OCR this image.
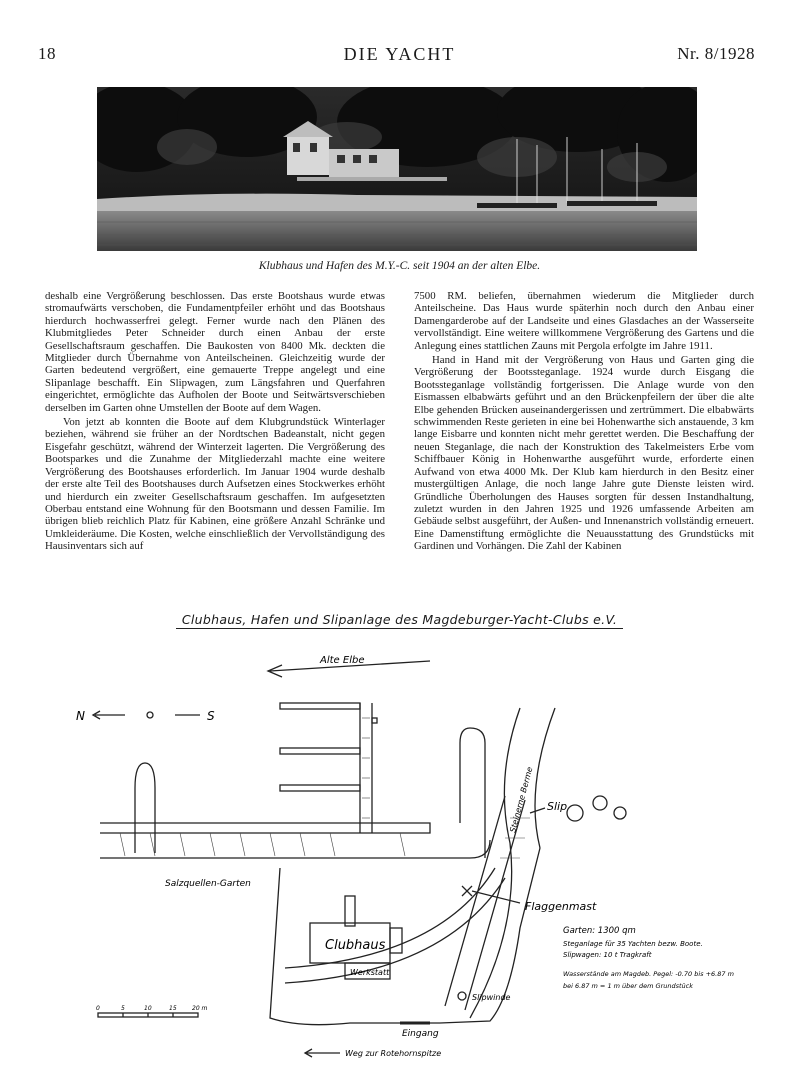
18	DIE YACHT	Nr. 8/1928
Klubhaus und Hafen des M.Y.-C. seit 1904 an der alten Elbe.

deshalb eine Vergrößerung beschlossen. Das erste Bootshaus wurde etwas stromaufwärts verschoben, die Fundamentpfeiler erhöht und das Bootshaus hierdurch hochwasserfrei gelegt. Ferner wurde nach den Plänen des Klubmitgliedes Peter Schneider durch einen Anbau der erste Gesellschaftsraum geschaffen. Die Baukosten von 8400 Mk. deckten die Mitglieder durch Übernahme von Anteilscheinen. Gleichzeitig wurde der Garten bedeutend vergrößert, eine gemauerte Treppe angelegt und eine Slipanlage beschafft. Ein Slipwagen, zum Längsfahren und Querfahren eingerichtet, ermöglichte das Aufholen der Boote und Seitwärtsverschieben derselben im Garten ohne Umstellen der Boote auf dem Wagen.

Von jetzt ab konnten die Boote auf dem Klubgrundstück Winterlager beziehen, während sie früher an der Nordtschen Badeanstalt, nicht gegen Eisgefahr geschützt, während der Winterzeit lagerten. Die Vergrößerung des Bootsparkes und die Zunahme der Mitgliederzahl machte eine weitere Vergrößerung des Bootshauses erforderlich. Im Januar 1904 wurde deshalb der erste alte Teil des Bootshauses durch Aufsetzen eines Stockwerkes erhöht und hierdurch ein zweiter Gesellschaftsraum geschaffen. Im aufgesetzten Oberbau entstand eine Wohnung für den Bootsmann und dessen Familie. Im übrigen blieb reichlich Platz für Kabinen, eine größere Anzahl Schränke und Umkleideräume. Die Kosten, welche einschließlich der Vervollständigung des Hausinventars sich auf

7500 RM. beliefen, übernahmen wiederum die Mitglieder durch Anteilscheine. Das Haus wurde späterhin noch durch den Anbau einer Damengarderobe auf der Landseite und eines Glasdaches an der Wasserseite vervollständigt. Eine weitere willkommene Vergrößerung des Gartens und die Anlegung eines stattlichen Zauns mit Pergola erfolgte im Jahre 1911.

Hand in Hand mit der Vergrößerung von Haus und Garten ging die Vergrößerung der Bootssteganlage. 1924 wurde durch Eisgang die Bootssteganlage vollständig fortgerissen. Die Anlage wurde von den Eismassen elbabwärts geführt und an den Brückenpfeilern der über die alte Elbe gehenden Brücken auseinandergerissen und zertrümmert. Die elbabwärts schwimmenden Reste gerieten in eine bei Hohenwarthe sich anstauende, 3 km lange Eisbarre und konnten nicht mehr gerettet werden. Die Beschaffung der neuen Steganlage, die nach der Konstruktion des Takelmeisters Erbe vom Schiffbauer König in Hohenwarthe ausgeführt wurde, erforderte einen Aufwand von etwa 4000 Mk. Der Klub kam hierdurch in den Besitz einer mustergültigen Anlage, die noch lange Jahre gute Dienste leisten wird. Gründliche Überholungen des Hauses sorgten für dessen Instandhaltung, zuletzt wurden in den Jahren 1925 und 1926 umfassende Arbeiten am Gebäude selbst ausgeführt, der Außen- und Innenanstrich vollständig erneuert. Eine Damenstiftung ermöglichte die Neuausstattung des Grundstücks mit Gardinen und Vorhängen. Die Zahl der Kabinen

Clubhaus, Hafen und Slipanlage des Magdeburger-Yacht-Clubs e.V.
Alte Elbe
N	S
Steinerne Berme Slip
Flaggenmast
Salzquellen-Garten
Clubhaus
Werkstatt
Slipwinde
Eingang
Weg zur Rotehornspitze
Garten: 1300 qm
Steganlage für 35 Yachten bezw. Boote.
Slipwagen: 10 t Tragkraft
Wasserstände am Magdeb. Pegel: -0.70 bis +6.87 m
bei 6.87 m = 1 m über dem Grundstück
0	5	10	15	20 m
